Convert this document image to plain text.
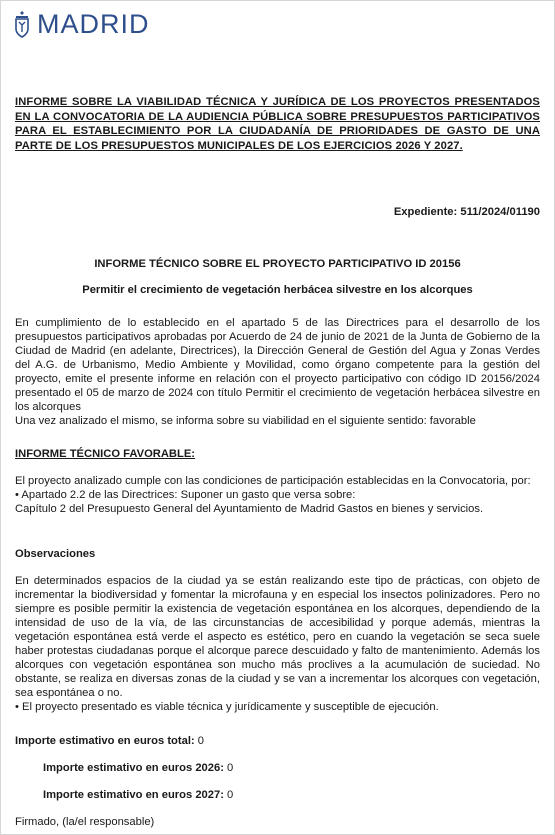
MADRID
INFORME SOBRE LA VIABILIDAD TÉCNICA Y JURÍDICA DE LOS PROYECTOS PRESENTADOS EN LA CONVOCATORIA DE LA AUDIENCIA PÚBLICA SOBRE PRESUPUESTOS PARTICIPATIVOS PARA EL ESTABLECIMIENTO POR LA CIUDADANÍA DE PRIORIDADES DE GASTO DE UNA PARTE DE LOS PRESUPUESTOS MUNICIPALES DE LOS EJERCICIOS 2026 Y 2027.
Expediente: 511/2024/01190
INFORME TÉCNICO SOBRE EL PROYECTO PARTICIPATIVO ID 20156
Permitir el crecimiento de vegetación herbácea silvestre en los alcorques
En cumplimiento de lo establecido en el apartado 5 de las Directrices para el desarrollo de los presupuestos participativos aprobadas por Acuerdo de 24 de junio de 2021 de la Junta de Gobierno de la Ciudad de Madrid (en adelante, Directrices), la Dirección General de Gestión del Agua y Zonas Verdes del A.G. de Urbanismo, Medio Ambiente y Movilidad, como órgano competente para la gestión del proyecto, emite el presente informe en relación con el proyecto participativo con código ID 20156/2024 presentado el 05 de marzo de 2024 con título Permitir el crecimiento de vegetación herbácea silvestre en los alcorques
Una vez analizado el mismo, se informa sobre su viabilidad en el siguiente sentido: favorable
INFORME TÉCNICO FAVORABLE:
El proyecto analizado cumple con las condiciones de participación establecidas en la Convocatoria, por:
• Apartado 2.2 de las Directrices: Suponer un gasto que versa sobre:
Capítulo 2 del Presupuesto General del Ayuntamiento de Madrid Gastos en bienes y servicios.
Observaciones
En determinados espacios de la ciudad ya se están realizando este tipo de prácticas, con objeto de incrementar la biodiversidad y fomentar la microfauna y en especial los insectos polinizadores. Pero no siempre es posible permitir la existencia de vegetación espontánea en los alcorques, dependiendo de la intensidad de uso de la vía, de las circunstancias de accesibilidad y porque además, mientras la vegetación espontánea está verde el aspecto es estético, pero en cuando la vegetación se seca suele haber protestas ciudadanas porque el alcorque parece descuidado y falto de mantenimiento. Además los alcorques con vegetación espontánea son mucho más proclives a la acumulación de suciedad. No obstante, se realiza en diversas zonas de la ciudad y se van a incrementar los alcorques con vegetación, sea espontánea o no.
• El proyecto presentado es viable técnica y jurídicamente y susceptible de ejecución.
Importe estimativo en euros total: 0
Importe estimativo en euros 2026: 0
Importe estimativo en euros 2027: 0
Firmado, (la/el responsable)
